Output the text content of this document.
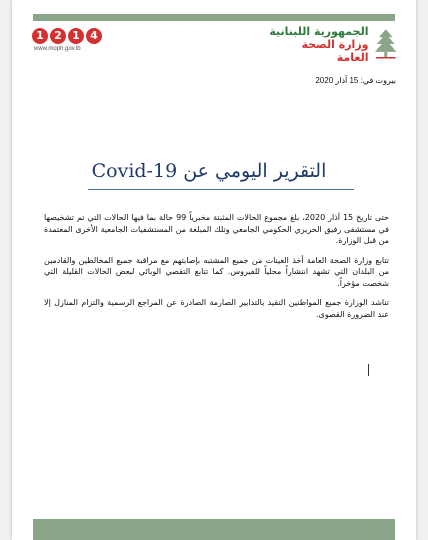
1 2 1 4
www.moph.gov.lb
الجمهورية اللبنانية
وزارة الصحة العامة
بيروت في: 15 آذار 2020
التقرير اليومي عن Covid-19

حتى تاريخ 15 آذار 2020، بلغ مجموع الحالات المثبتة مخبرياً 99 حالة بما فيها الحالات التي تم تشخيصها في مستشفى رفيق الحريري الحكومي الجامعي وتلك المبلغة من المستشفيات الجامعية الأخرى المعتمدة من قبل الوزارة.

تتابع وزارة الصحة العامة أخذ العينات من جميع المشتبه بإصابتهم مع مراقبة جميع المخالطين والقادمين من البلدان التي تشهد انتشاراً محلياً للفيروس. كما تتابع التقصي الوبائي لبعض الحالات القليلة التي شخصت مؤخراً.

تناشد الوزارة جميع المواطنين التقيد بالتدابير الصارمة الصادرة عن المراجع الرسمية والتزام المنازل إلا عند الضرورة القصوى.
